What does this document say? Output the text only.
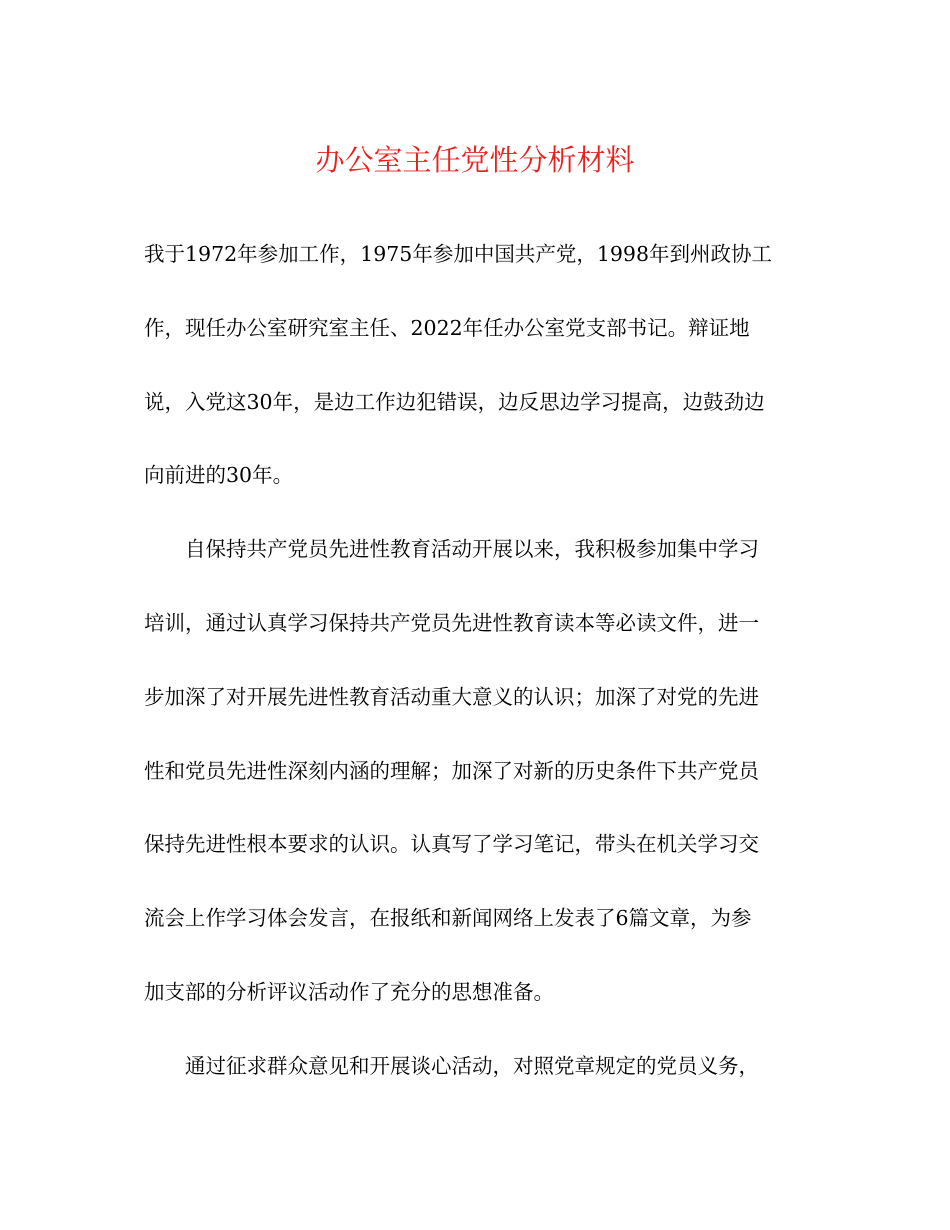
办公室主任党性分析材料
我于1972年参加工作，1975年参加中国共产党，1998年到州政协工
作，现任办公室研究室主任、2022年任办公室党支部书记。辩证地
说，入党这30年，是边工作边犯错误，边反思边学习提高，边鼓劲边
向前进的30年。
自保持共产党员先进性教育活动开展以来，我积极参加集中学习
培训，通过认真学习保持共产党员先进性教育读本等必读文件，进一
步加深了对开展先进性教育活动重大意义的认识；加深了对党的先进
性和党员先进性深刻内涵的理解；加深了对新的历史条件下共产党员
保持先进性根本要求的认识。认真写了学习笔记，带头在机关学习交
流会上作学习体会发言，在报纸和新闻网络上发表了6篇文章，为参
加支部的分析评议活动作了充分的思想准备。
通过征求群众意见和开展谈心活动，对照党章规定的党员义务，
